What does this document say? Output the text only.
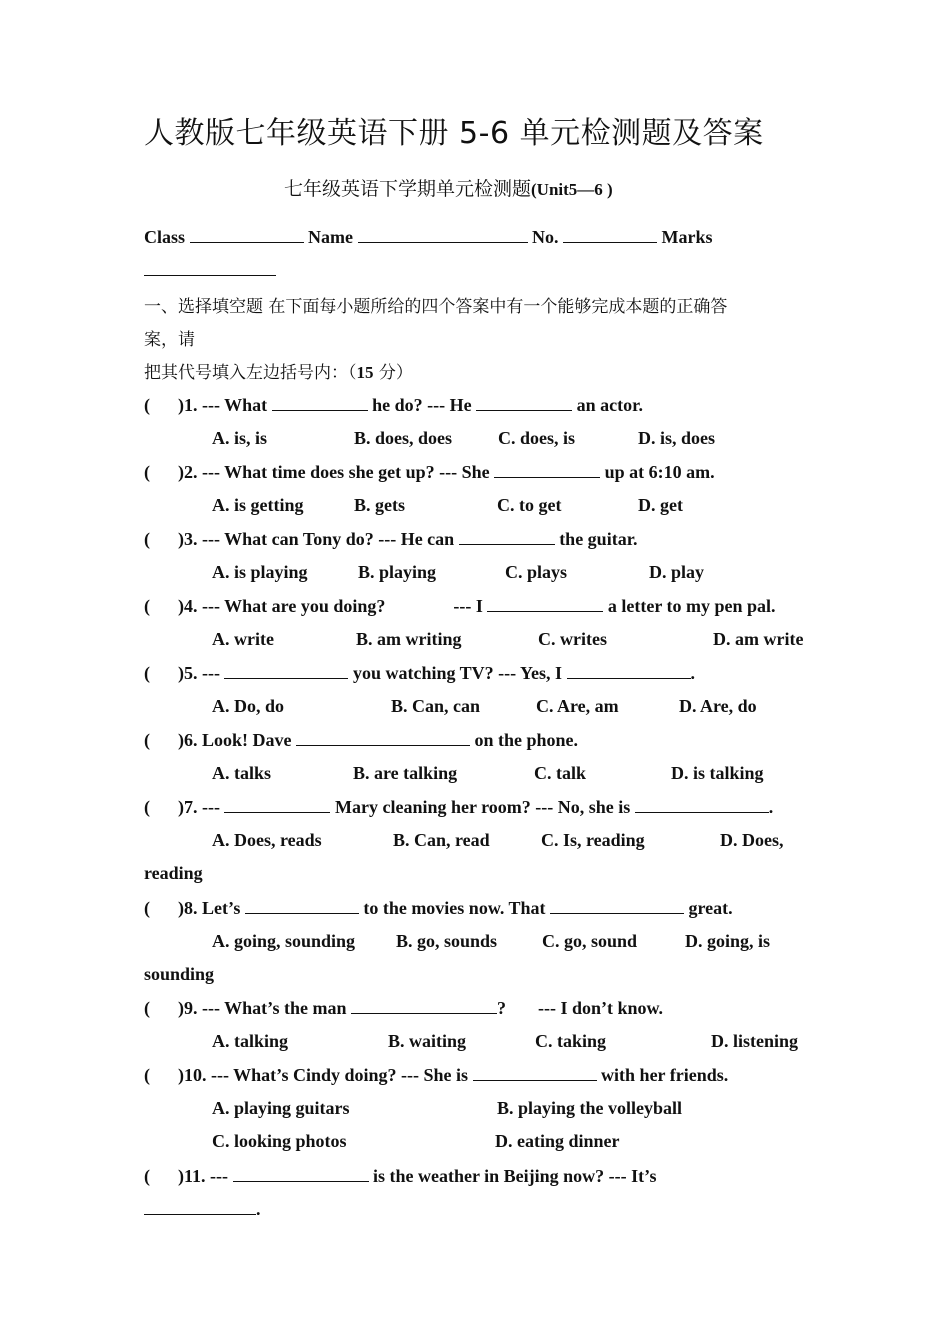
人教版七年级英语下册 5-6 单元检测题及答案
七年级英语下学期单元检测题(Unit5—6 )
Class	Name	No.	Marks
一、选择填空题 在下面每小题所给的四个答案中有一个能够完成本题的正确答
案，请
把其代号填入左边括号内：（15 分）
( )1. --- What	he do? --- He	an actor.
A. is, is	B. does, does	C. does, is	D. is, does
( )2. --- What time does she get up? --- She	up at 6:10 am.
A. is getting	B. gets	C. to get	D. get
( )3. --- What can Tony do? --- He can	the guitar.
A. is playing	B. playing	C. plays	D. play
( )4. --- What are you doing?	--- I	a letter to my pen pal.
A. write	B. am writing	C. writes	D. am write
( )5. ---	you watching TV? --- Yes, I	.
A. Do, do	B. Can, can	C. Are, am	D. Are, do
( )6. Look! Dave	on the phone.
A. talks	B. are talking	C. talk	D. is talking
( )7. ---	Mary cleaning her room? --- No, she is	.
A. Does, reads	B. Can, read	C. Is, reading	D. Does,
reading
( )8. Let’s	to the movies now. That	great.
A. going, sounding B. go, sounds C. go, sound	D. going, is
sounding
( )9. --- What’s the man	? --- I don’t know.
A. talking	B. waiting	C. taking	D. listening
( )10. --- What’s Cindy doing? --- She is	with her friends.
A. playing guitars	B. playing the volleyball
C. looking photos	D. eating dinner
( )11. ---	is the weather in Beijing now? --- It’s
.
